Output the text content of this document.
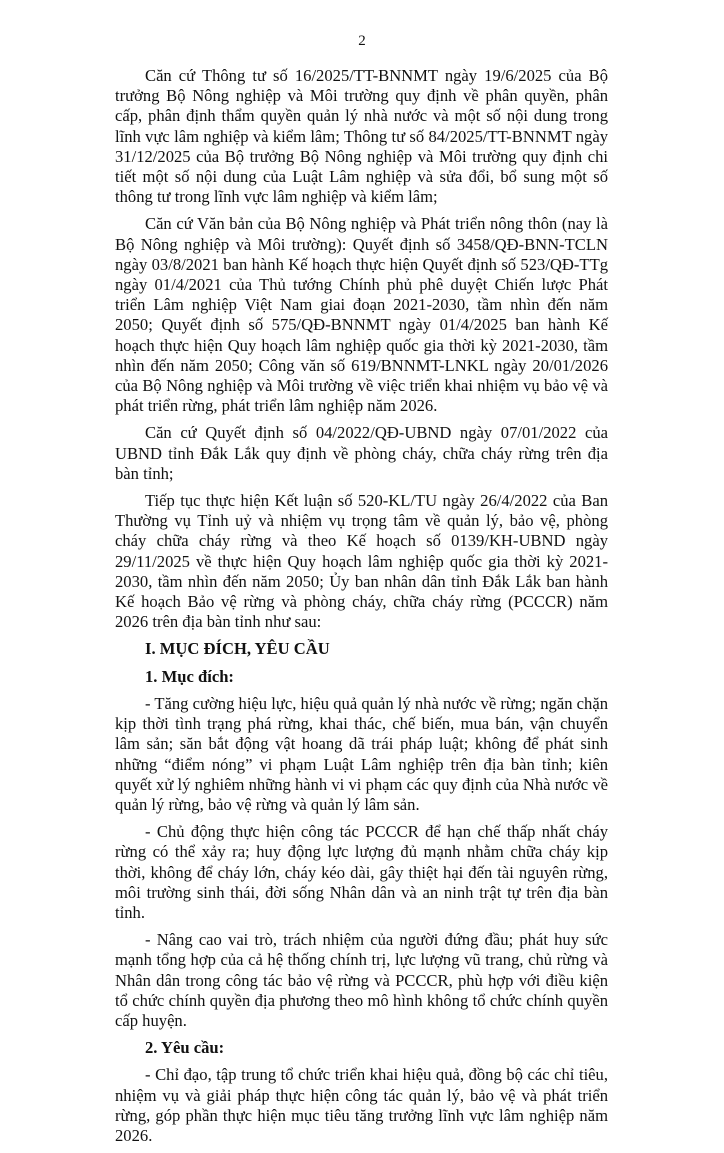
2

Căn cứ Thông tư số 16/2025/TT-BNNMT ngày 19/6/2025 của Bộ trưởng Bộ Nông nghiệp và Môi trường quy định về phân quyền, phân cấp, phân định thẩm quyền quản lý nhà nước và một số nội dung trong lĩnh vực lâm nghiệp và kiểm lâm; Thông tư số 84/2025/TT-BNNMT ngày 31/12/2025 của Bộ trưởng Bộ Nông nghiệp và Môi trường quy định chi tiết một số nội dung của Luật Lâm nghiệp và sửa đổi, bổ sung một số thông tư trong lĩnh vực lâm nghiệp và kiểm lâm;

Căn cứ Văn bản của Bộ Nông nghiệp và Phát triển nông thôn (nay là Bộ Nông nghiệp và Môi trường): Quyết định số 3458/QĐ-BNN-TCLN ngày 03/8/2021 ban hành Kế hoạch thực hiện Quyết định số 523/QĐ-TTg ngày 01/4/2021 của Thủ tướng Chính phủ phê duyệt Chiến lược Phát triển Lâm nghiệp Việt Nam giai đoạn 2021-2030, tầm nhìn đến năm 2050; Quyết định số 575/QĐ-BNNMT ngày 01/4/2025 ban hành Kế hoạch thực hiện Quy hoạch lâm nghiệp quốc gia thời kỳ 2021-2030, tầm nhìn đến năm 2050; Công văn số 619/BNNMT-LNKL ngày 20/01/2026 của Bộ Nông nghiệp và Môi trường về việc triển khai nhiệm vụ bảo vệ và phát triển rừng, phát triển lâm nghiệp năm 2026.

Căn cứ Quyết định số 04/2022/QĐ-UBND ngày 07/01/2022 của UBND tỉnh Đắk Lắk quy định về phòng cháy, chữa cháy rừng trên địa bàn tỉnh;

Tiếp tục thực hiện Kết luận số 520-KL/TU ngày 26/4/2022 của Ban Thường vụ Tỉnh uỷ và nhiệm vụ trọng tâm về quản lý, bảo vệ, phòng cháy chữa cháy rừng và theo Kế hoạch số 0139/KH-UBND ngày 29/11/2025 về thực hiện Quy hoạch lâm nghiệp quốc gia thời kỳ 2021-2030, tầm nhìn đến năm 2050; Ủy ban nhân dân tỉnh Đắk Lắk ban hành Kế hoạch Bảo vệ rừng và phòng cháy, chữa cháy rừng (PCCCR) năm 2026 trên địa bàn tỉnh như sau:

I. MỤC ĐÍCH, YÊU CẦU
1. Mục đích:

- Tăng cường hiệu lực, hiệu quả quản lý nhà nước về rừng; ngăn chặn kịp thời tình trạng phá rừng, khai thác, chế biến, mua bán, vận chuyển lâm sản; săn bắt động vật hoang dã trái pháp luật; không để phát sinh những “điểm nóng” vi phạm Luật Lâm nghiệp trên địa bàn tỉnh; kiên quyết xử lý nghiêm những hành vi vi phạm các quy định của Nhà nước về quản lý rừng, bảo vệ rừng và quản lý lâm sản.

- Chủ động thực hiện công tác PCCCR để hạn chế thấp nhất cháy rừng có thể xảy ra; huy động lực lượng đủ mạnh nhằm chữa cháy kịp thời, không để cháy lớn, cháy kéo dài, gây thiệt hại đến tài nguyên rừng, môi trường sinh thái, đời sống Nhân dân và an ninh trật tự trên địa bàn tỉnh.

- Nâng cao vai trò, trách nhiệm của người đứng đầu; phát huy sức mạnh tổng hợp của cả hệ thống chính trị, lực lượng vũ trang, chủ rừng và Nhân dân trong công tác bảo vệ rừng và PCCCR, phù hợp với điều kiện tổ chức chính quyền địa phương theo mô hình không tổ chức chính quyền cấp huyện.

2. Yêu cầu:

- Chỉ đạo, tập trung tổ chức triển khai hiệu quả, đồng bộ các chỉ tiêu, nhiệm vụ và giải pháp thực hiện công tác quản lý, bảo vệ và phát triển rừng, góp phần thực hiện mục tiêu tăng trưởng lĩnh vực lâm nghiệp năm 2026.
